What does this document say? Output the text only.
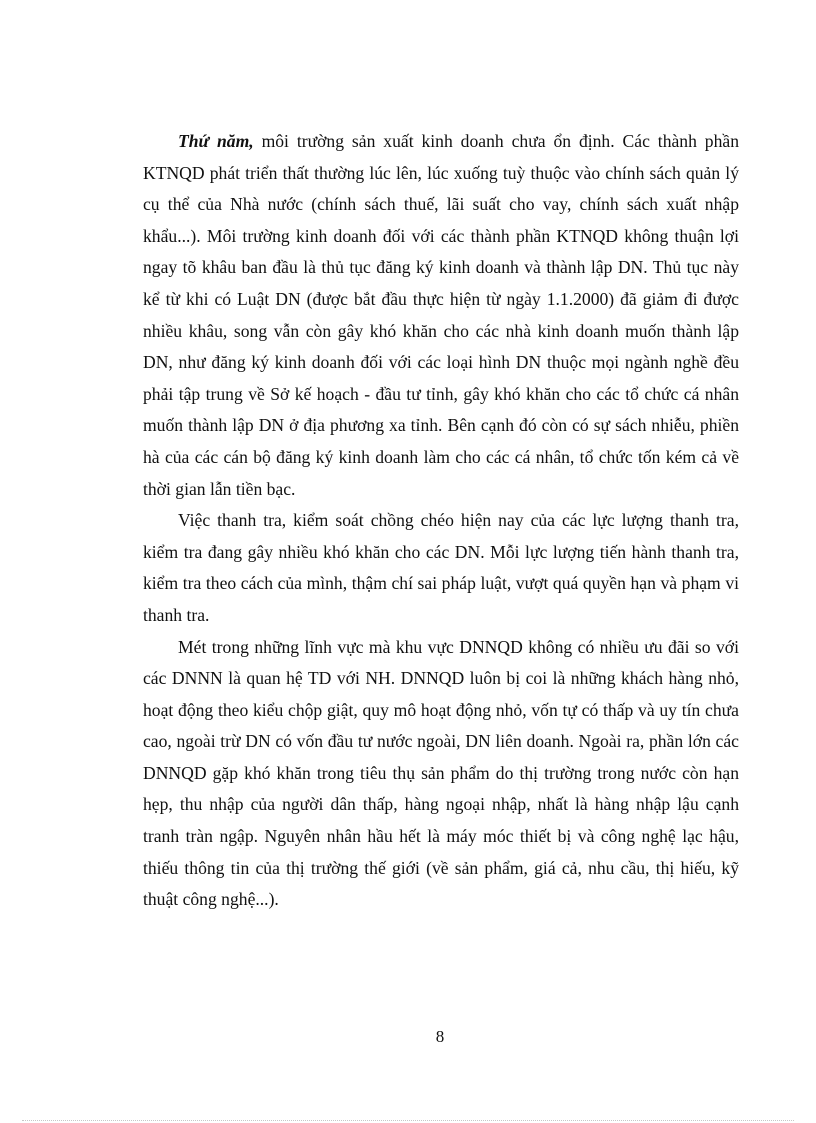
Thứ năm, môi trường sản xuất kinh doanh chưa ổn định. Các thành phần KTNQD phát triển thất thường lúc lên, lúc xuống tuỳ thuộc vào chính sách quản lý cụ thể của Nhà nước (chính sách thuế, lãi suất cho vay, chính sách xuất nhập khẩu...). Môi trường kinh doanh đối với các thành phần KTNQD không thuận lợi ngay tõ khâu ban đầu là thủ tục đăng ký kinh doanh và thành lập DN. Thủ tục này kể từ khi có Luật DN (được bắt đầu thực hiện từ ngày 1.1.2000) đã giảm đi được nhiều khâu, song vẫn còn gây khó khăn cho các nhà kinh doanh muốn thành lập DN, như đăng ký kinh doanh đối với các loại hình DN thuộc mọi ngành nghề đều phải tập trung về Sở kế hoạch - đầu tư tỉnh, gây khó khăn cho các tổ chức cá nhân muốn thành lập DN ở địa phương xa tỉnh. Bên cạnh đó còn có sự sách nhiễu, phiền hà của các cán bộ đăng ký kinh doanh làm cho các cá nhân, tổ chức tốn kém cả về thời gian lẫn tiền bạc.

Việc thanh tra, kiểm soát chồng chéo hiện nay của các lực lượng thanh tra, kiểm tra đang gây nhiều khó khăn cho các DN. Mỗi lực lượng tiến hành thanh tra, kiểm tra theo cách của mình, thậm chí sai pháp luật, vượt quá quyền hạn và phạm vi thanh tra.

Mét trong những lĩnh vực mà khu vực DNNQD không có nhiều ưu đãi so với các DNNN là quan hệ TD với NH. DNNQD luôn bị coi là những khách hàng nhỏ, hoạt động theo kiểu chộp giật, quy mô hoạt động nhỏ, vốn tự có thấp và uy tín chưa cao, ngoài trừ DN có vốn đầu tư nước ngoài, DN liên doanh. Ngoài ra, phần lớn các DNNQD gặp khó khăn trong tiêu thụ sản phẩm do thị trường trong nước còn hạn hẹp, thu nhập của người dân thấp, hàng ngoại nhập, nhất là hàng nhập lậu cạnh tranh tràn ngập. Nguyên nhân hầu hết là máy móc thiết bị và công nghệ lạc hậu, thiếu thông tin của thị trường thế giới (về sản phẩm, giá cả, nhu cầu, thị hiếu, kỹ thuật công nghệ...).

8
